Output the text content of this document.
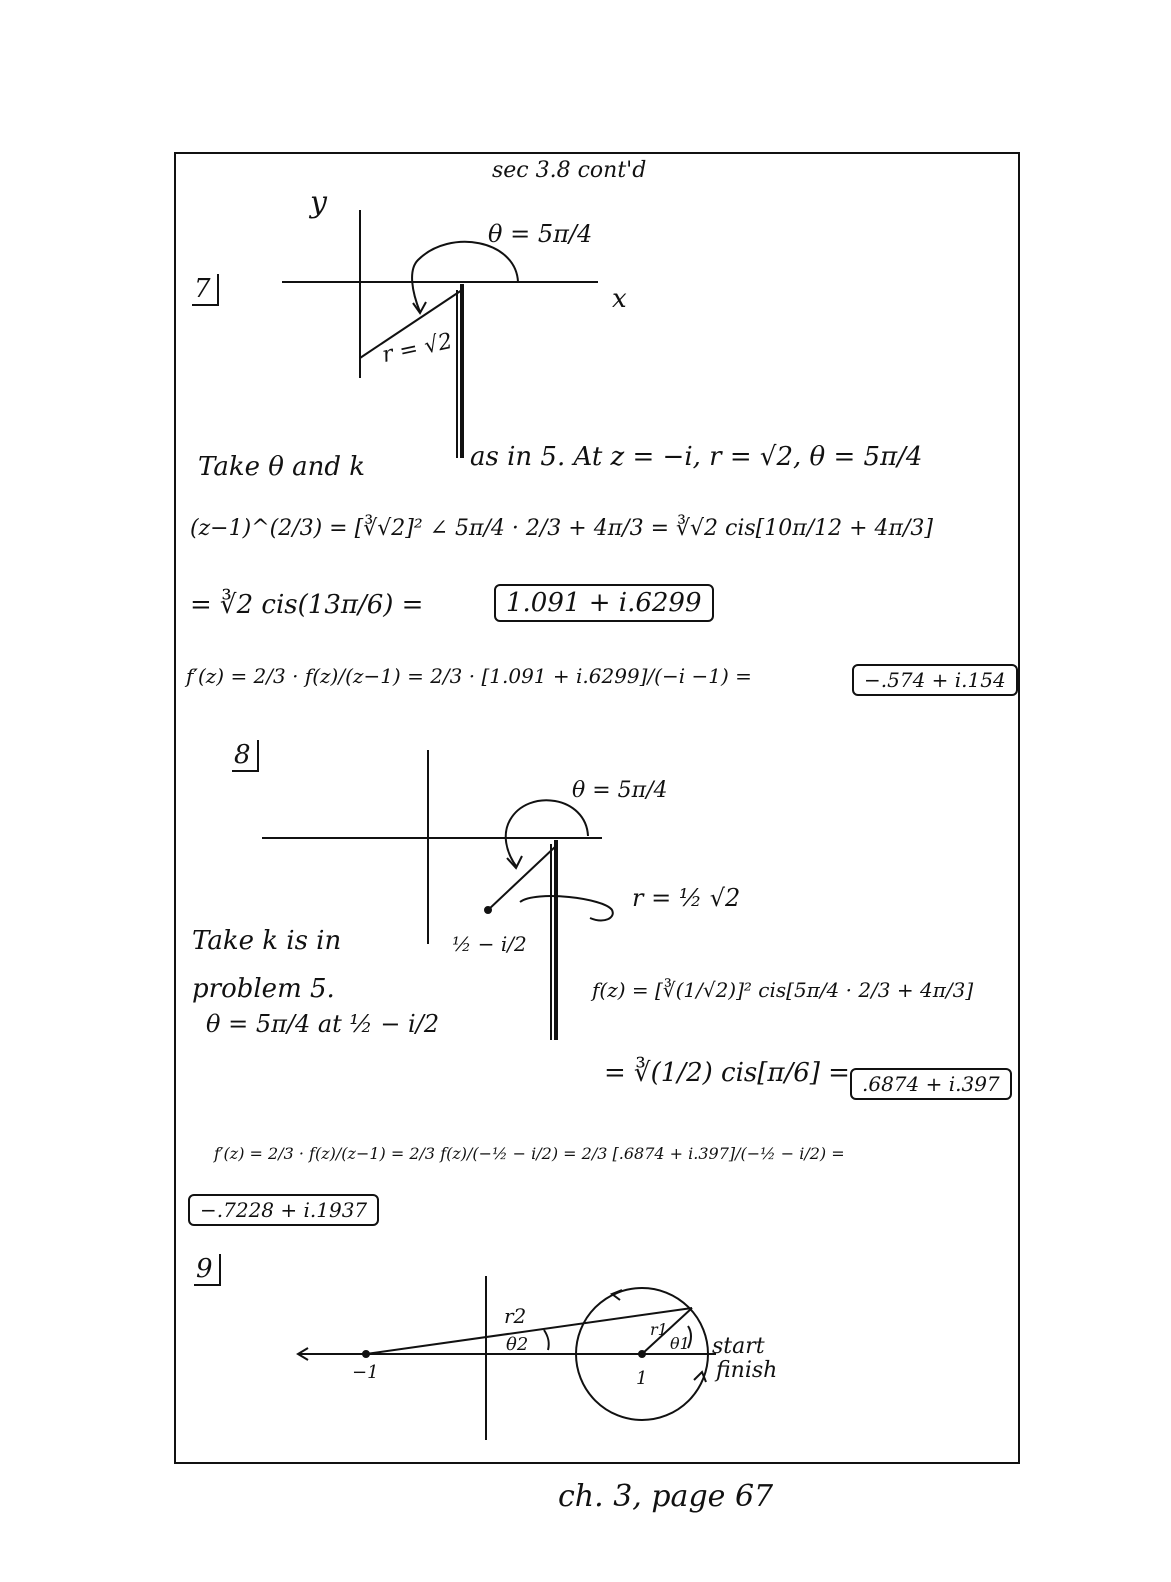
sec 3.8 cont'd
7
y
x
θ = 5π/4
r = √2
Take θ and k	as in 5. At z = −i, r = √2, θ = 5π/4
(z−1)^(2/3) = [∛√2]² ∠ 5π/4 · 2/3 + 4π/3 = ∛√2 cis[10π/12 + 4π/3]
= ∛2 cis(13π/6) =	1.091 + i.6299
f′(z) = 2/3 · f(z)/(z−1) = 2/3 · [1.091 + i.6299]/(−i −1) =	−.574 + i.154
8
θ = 5π/4
r = ½ √2
½ − i/2
Take k is in
problem 5.
θ = 5π/4 at ½ − i/2
f(z) = [∛(1/√2)]² cis[5π/4 · 2/3 + 4π/3]
= ∛(1/2) cis[π/6] = .6874 + i.397
f′(z) = 2/3 · f(z)/(z−1) = 2/3 f(z)/(−½ − i/2) = 2/3 [.6874 + i.397]/(−½ − i/2) =
−.7228 + i.1937
9
r2
θ2
r1
θ1
−1	1
start
finish
ch. 3, page 67
